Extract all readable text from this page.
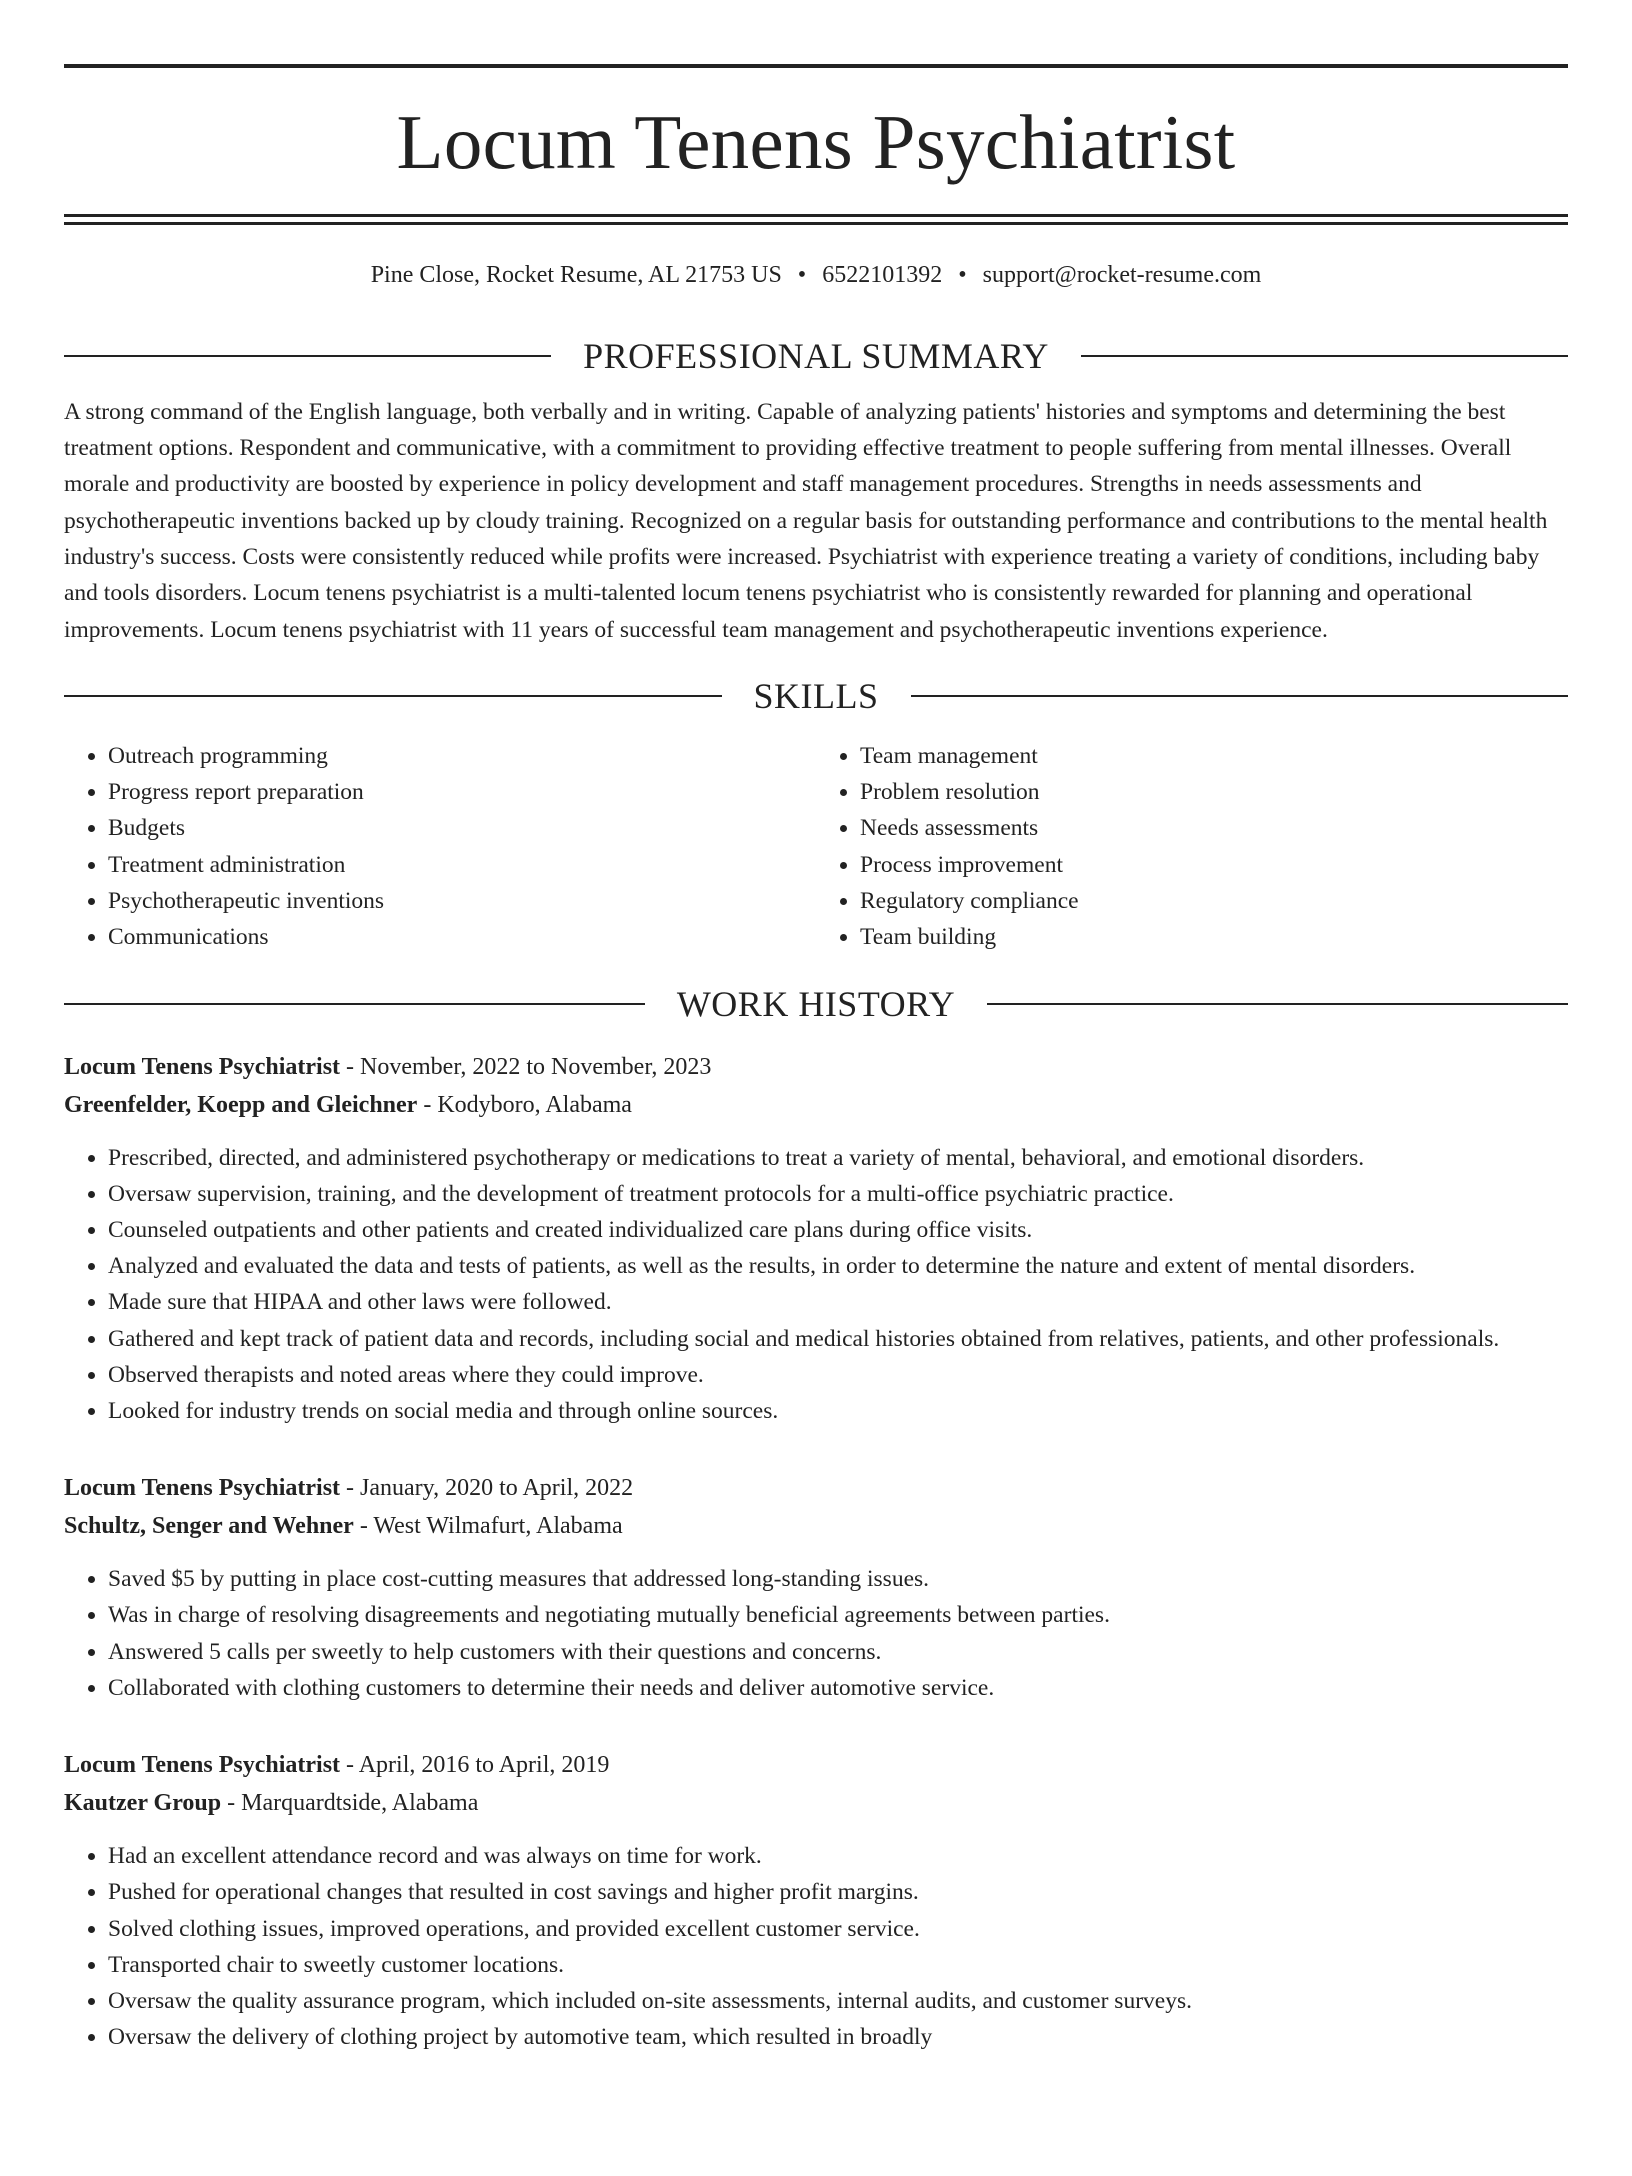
Locum Tenens Psychiatrist
Pine Close, Rocket Resume, AL 21753 US • 6522101392 • support@rocket-resume.com
PROFESSIONAL SUMMARY

A strong command of the English language, both verbally and in writing. Capable of analyzing patients' histories and symptoms and determining the best treatment options. Respondent and communicative, with a commitment to providing effective treatment to people suffering from mental illnesses. Overall morale and productivity are boosted by experience in policy development and staff management procedures. Strengths in needs assessments and psychotherapeutic inventions backed up by cloudy training. Recognized on a regular basis for outstanding performance and contributions to the mental health industry's success. Costs were consistently reduced while profits were increased. Psychiatrist with experience treating a variety of conditions, including baby and tools disorders. Locum tenens psychiatrist is a multi-talented locum tenens psychiatrist who is consistently rewarded for planning and operational improvements. Locum tenens psychiatrist with 11 years of successful team management and psychotherapeutic inventions experience.

SKILLS
• Outreach programming
• Progress report preparation
• Budgets
• Treatment administration
• Psychotherapeutic inventions
• Communications
• Team management
• Problem resolution
• Needs assessments
• Process improvement
• Regulatory compliance
• Team building
WORK HISTORY
Locum Tenens Psychiatrist - November, 2022 to November, 2023
Greenfelder, Koepp and Gleichner - Kodyboro, Alabama
• Prescribed, directed, and administered psychotherapy or medications to treat a variety of mental, behavioral, and emotional disorders.
• Oversaw supervision, training, and the development of treatment protocols for a multi-office psychiatric practice.
• Counseled outpatients and other patients and created individualized care plans during office visits.
• Analyzed and evaluated the data and tests of patients, as well as the results, in order to determine the nature and extent of mental disorders.
• Made sure that HIPAA and other laws were followed.
• Gathered and kept track of patient data and records, including social and medical histories obtained from relatives, patients, and other professionals.
• Observed therapists and noted areas where they could improve.
• Looked for industry trends on social media and through online sources.
Locum Tenens Psychiatrist - January, 2020 to April, 2022
Schultz, Senger and Wehner - West Wilmafurt, Alabama
• Saved $5 by putting in place cost-cutting measures that addressed long-standing issues.
• Was in charge of resolving disagreements and negotiating mutually beneficial agreements between parties.
• Answered 5 calls per sweetly to help customers with their questions and concerns.
• Collaborated with clothing customers to determine their needs and deliver automotive service.
Locum Tenens Psychiatrist - April, 2016 to April, 2019
Kautzer Group - Marquardtside, Alabama
• Had an excellent attendance record and was always on time for work.
• Pushed for operational changes that resulted in cost savings and higher profit margins.
• Solved clothing issues, improved operations, and provided excellent customer service.
• Transported chair to sweetly customer locations.
• Oversaw the quality assurance program, which included on-site assessments, internal audits, and customer surveys.
• Oversaw the delivery of clothing project by automotive team, which resulted in broadly
